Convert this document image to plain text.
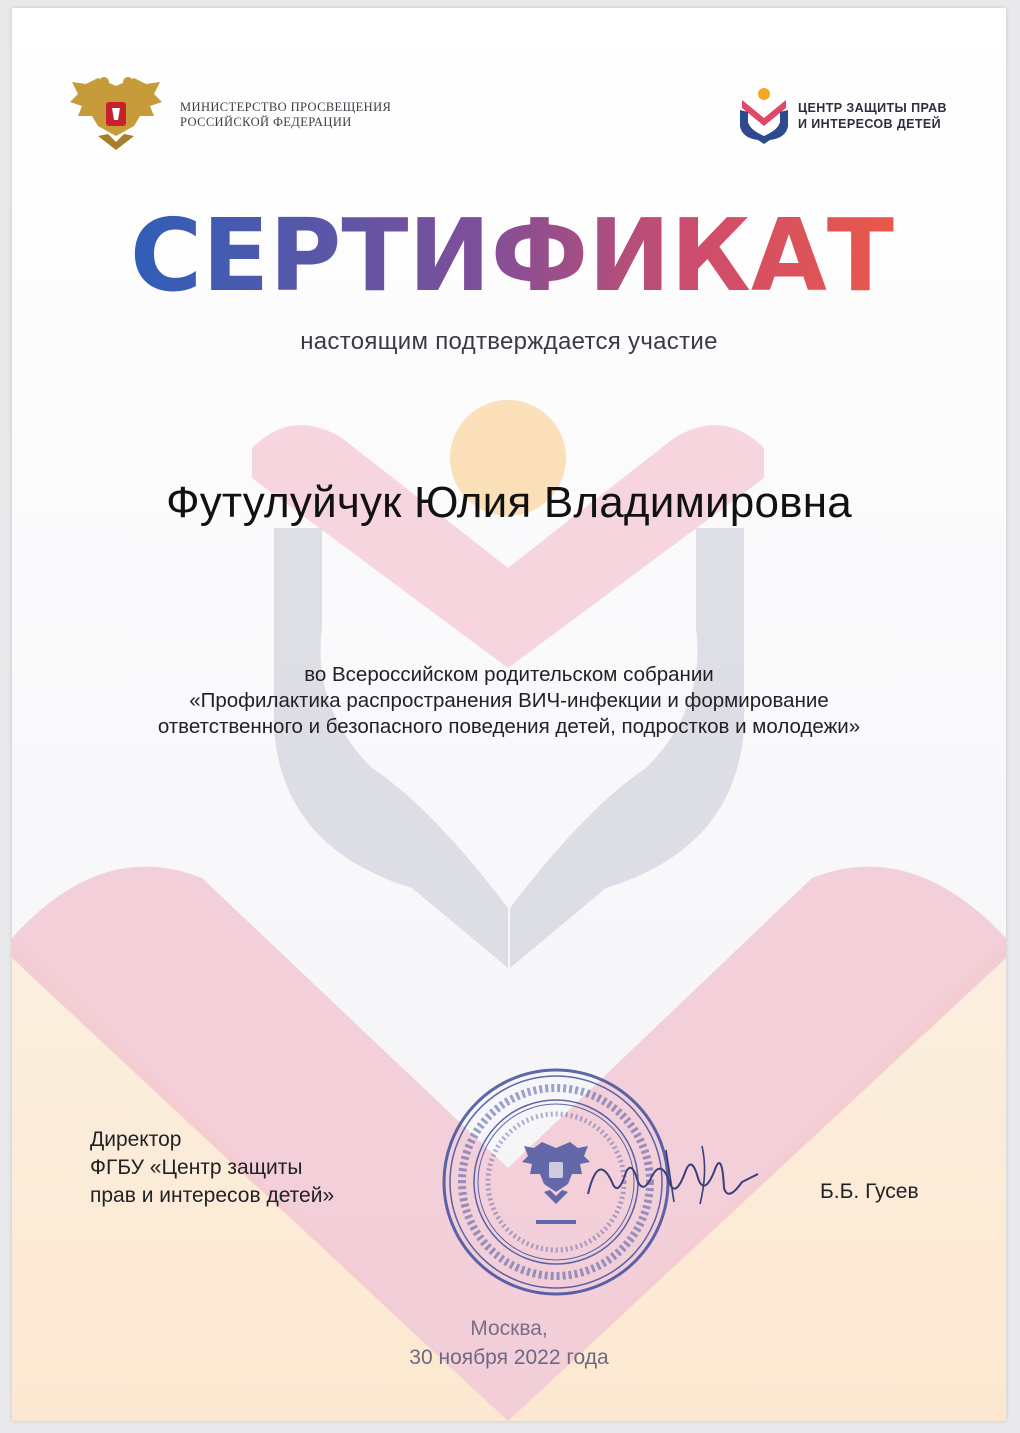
МИНИСТЕРСТВО ПРОСВЕЩЕНИЯ
РОССИЙСКОЙ ФЕДЕРАЦИИ
ЦЕНТР ЗАЩИТЫ ПРАВ
И ИНТЕРЕСОВ ДЕТЕЙ
СЕРТИФИКАТ
настоящим подтверждается участие
Футулуйчук Юлия Владимировна
во Всероссийском родительском собрании
«Профилактика распространения ВИЧ-инфекции и формирование
ответственного и безопасного поведения детей, подростков и молодежи»
Директор
ФГБУ «Центр защиты
прав и интересов детей»	Б.Б. Гусев
Москва,
30 ноября 2022 года
